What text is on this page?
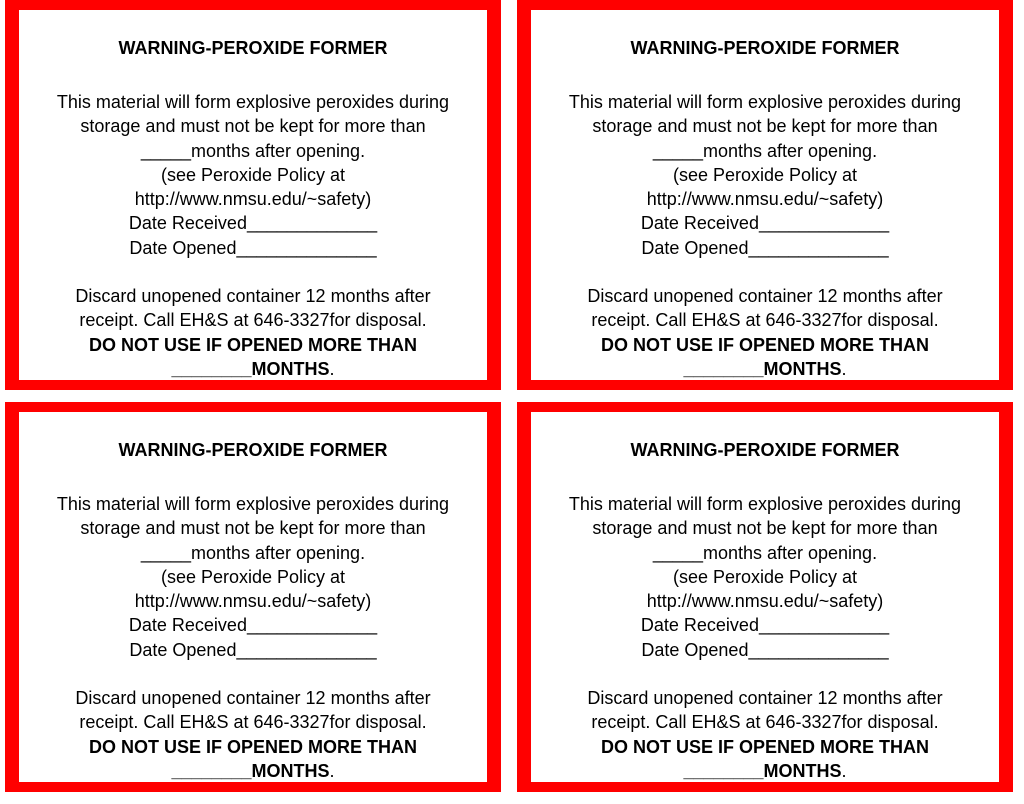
WARNING-PEROXIDE FORMER
This material will form explosive peroxides during
storage and must not be kept for more than
_____months after opening.
(see Peroxide Policy at
http://www.nmsu.edu/~safety)
Date Received_____________
Date Opened______________
Discard unopened container 12 months after
receipt. Call EH&S at 646-3327for disposal.
DO NOT USE IF OPENED MORE THAN
________MONTHS.
WARNING-PEROXIDE FORMER
This material will form explosive peroxides during
storage and must not be kept for more than
_____months after opening.
(see Peroxide Policy at
http://www.nmsu.edu/~safety)
Date Received_____________
Date Opened______________
Discard unopened container 12 months after
receipt. Call EH&S at 646-3327for disposal.
DO NOT USE IF OPENED MORE THAN
________MONTHS.
WARNING-PEROXIDE FORMER
This material will form explosive peroxides during
storage and must not be kept for more than
_____months after opening.
(see Peroxide Policy at
http://www.nmsu.edu/~safety)
Date Received_____________
Date Opened______________
Discard unopened container 12 months after
receipt. Call EH&S at 646-3327for disposal.
DO NOT USE IF OPENED MORE THAN
________MONTHS.
WARNING-PEROXIDE FORMER
This material will form explosive peroxides during
storage and must not be kept for more than
_____months after opening.
(see Peroxide Policy at
http://www.nmsu.edu/~safety)
Date Received_____________
Date Opened______________
Discard unopened container 12 months after
receipt. Call EH&S at 646-3327for disposal.
DO NOT USE IF OPENED MORE THAN
________MONTHS.
